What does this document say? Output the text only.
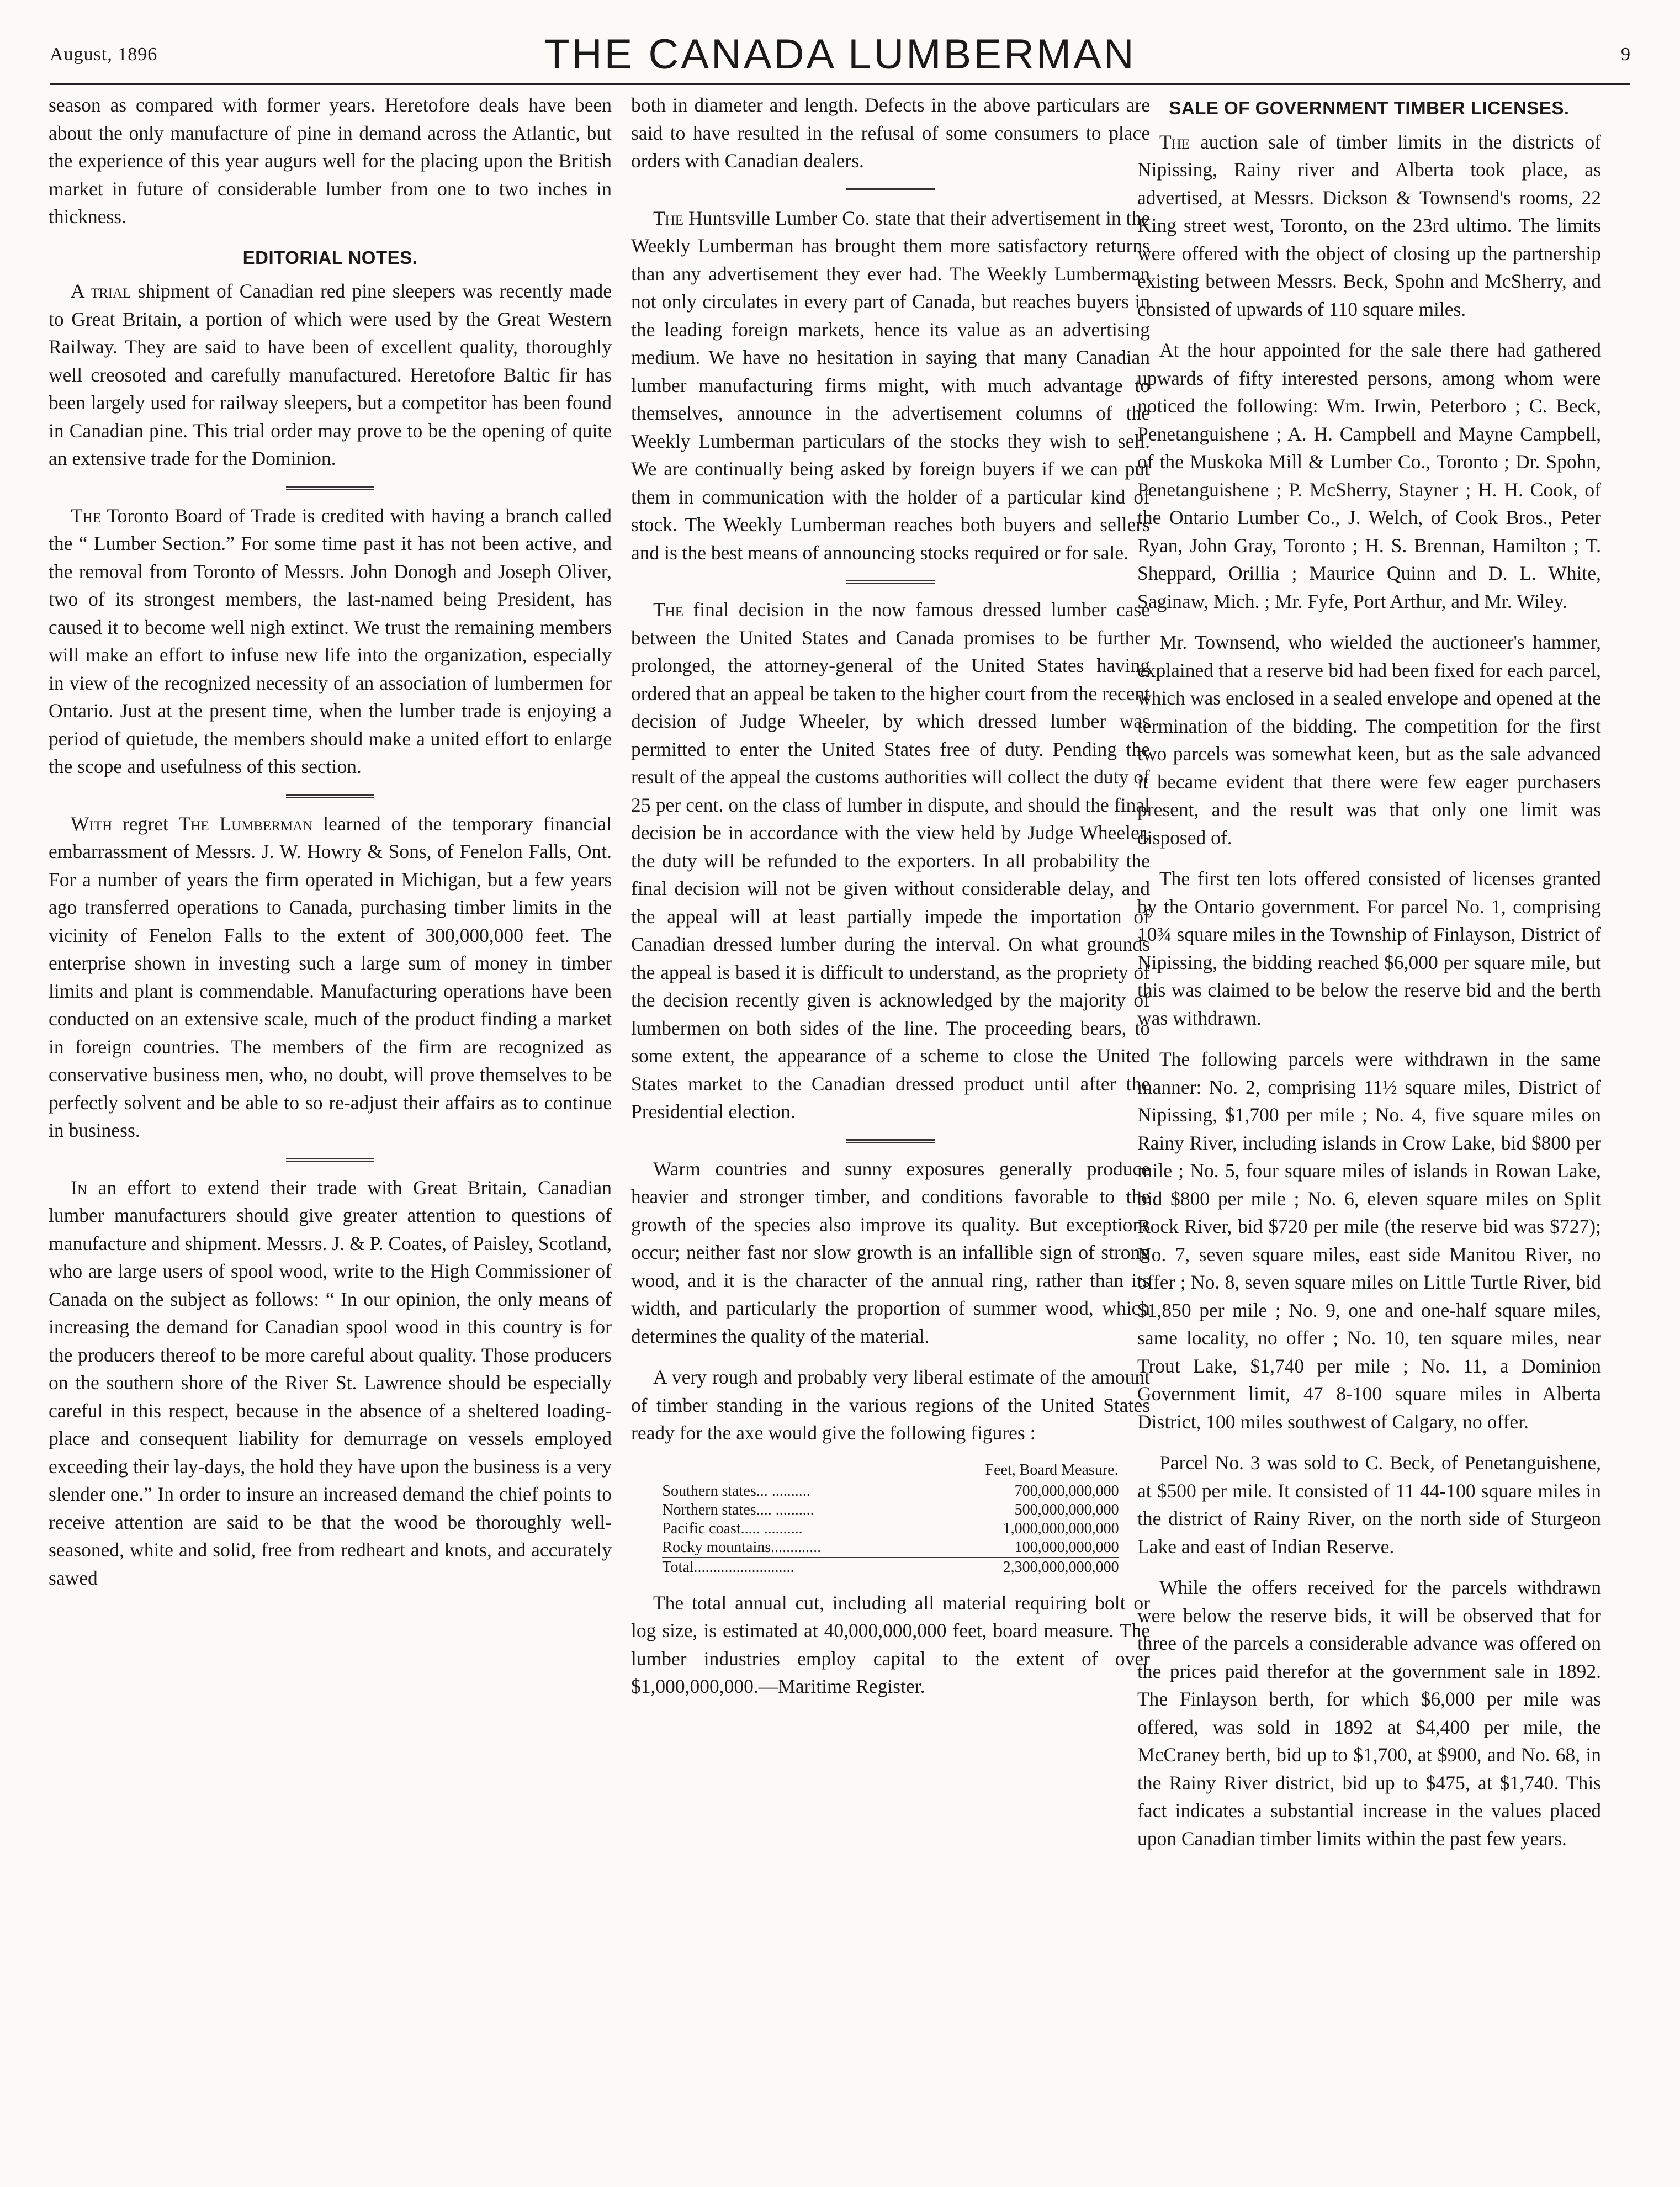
August, 1896	THE CANADA LUMBERMAN	9

season as compared with former years. Heretofore deals have been about the only manufacture of pine in demand across the Atlantic, but the experience of this year augurs well for the placing upon the British market in future of considerable lumber from one to two inches in thickness.

EDITORIAL NOTES.

A trial shipment of Canadian red pine sleepers was recently made to Great Britain, a portion of which were used by the Great Western Railway. They are said to have been of excellent quality, thoroughly well creosoted and carefully manufactured. Heretofore Baltic fir has been largely used for railway sleepers, but a competitor has been found in Canadian pine. This trial order may prove to be the opening of quite an extensive trade for the Dominion.

The Toronto Board of Trade is credited with having a branch called the “ Lumber Section.” For some time past it has not been active, and the removal from Toronto of Messrs. John Donogh and Joseph Oliver, two of its strongest members, the last-named being President, has caused it to become well nigh extinct. We trust the remaining members will make an effort to infuse new life into the organization, especially in view of the recognized necessity of an association of lumbermen for Ontario. Just at the present time, when the lumber trade is enjoying a period of quietude, the members should make a united effort to enlarge the scope and usefulness of this section.

With regret The Lumberman learned of the temporary financial embarrassment of Messrs. J. W. Howry & Sons, of Fenelon Falls, Ont. For a number of years the firm operated in Michigan, but a few years ago transferred operations to Canada, purchasing timber limits in the vicinity of Fenelon Falls to the extent of 300,000,000 feet. The enterprise shown in investing such a large sum of money in timber limits and plant is commendable. Manufacturing operations have been conducted on an extensive scale, much of the product finding a market in foreign countries. The members of the firm are recognized as conservative business men, who, no doubt, will prove themselves to be perfectly solvent and be able to so re-adjust their affairs as to continue in business.

In an effort to extend their trade with Great Britain, Canadian lumber manufacturers should give greater attention to questions of manufacture and shipment. Messrs. J. & P. Coates, of Paisley, Scotland, who are large users of spool wood, write to the High Commissioner of Canada on the subject as follows: “ In our opinion, the only means of increasing the demand for Canadian spool wood in this country is for the producers thereof to be more careful about quality. Those producers on the southern shore of the River St. Lawrence should be especially careful in this respect, because in the absence of a sheltered loading-place and consequent liability for demurrage on vessels employed exceeding their lay-days, the hold they have upon the business is a very slender one.” In order to insure an increased demand the chief points to receive attention are said to be that the wood be thoroughly well-seasoned, white and solid, free from redheart and knots, and accurately sawed

both in diameter and length. Defects in the above particulars are said to have resulted in the refusal of some consumers to place orders with Canadian dealers.

The Huntsville Lumber Co. state that their advertisement in the Weekly Lumberman has brought them more satisfactory returns than any advertisement they ever had. The Weekly Lumberman not only circulates in every part of Canada, but reaches buyers in the leading foreign markets, hence its value as an advertising medium. We have no hesitation in saying that many Canadian lumber manufacturing firms might, with much advantage to themselves, announce in the advertisement columns of the Weekly Lumberman particulars of the stocks they wish to sell. We are continually being asked by foreign buyers if we can put them in communication with the holder of a particular kind of stock. The Weekly Lumberman reaches both buyers and sellers and is the best means of announcing stocks required or for sale.

The final decision in the now famous dressed lumber case between the United States and Canada promises to be further prolonged, the attorney-general of the United States having ordered that an appeal be taken to the higher court from the recent decision of Judge Wheeler, by which dressed lumber was permitted to enter the United States free of duty. Pending the result of the appeal the customs authorities will collect the duty of 25 per cent. on the class of lumber in dispute, and should the final decision be in accordance with the view held by Judge Wheeler, the duty will be refunded to the exporters. In all probability the final decision will not be given without considerable delay, and the appeal will at least partially impede the importation of Canadian dressed lumber during the interval. On what grounds the appeal is based it is difficult to understand, as the propriety of the decision recently given is acknowledged by the majority of lumbermen on both sides of the line. The proceeding bears, to some extent, the appearance of a scheme to close the United States market to the Canadian dressed product until after the Presidential election.

Warm countries and sunny exposures generally produce heavier and stronger timber, and conditions favorable to the growth of the species also improve its quality. But exceptions occur; neither fast nor slow growth is an infallible sign of strong wood, and it is the character of the annual ring, rather than its width, and particularly the proportion of summer wood, which determines the quality of the material.

A very rough and probably very liberal estimate of the amount of timber standing in the various regions of the United States ready for the axe would give the following figures :

	Feet, Board Measure.
Southern states... ..........	700,000,000,000
Northern states.... ..........	500,000,000,000
Pacific coast..... ..........	1,000,000,000,000
Rocky mountains.............	100,000,000,000
Total..........................	2,300,000,000,000

The total annual cut, including all material requiring bolt or log size, is estimated at 40,000,000,000 feet, board measure. The lumber industries employ capital to the extent of over $1,000,000,000.—Maritime Register.

SALE OF GOVERNMENT TIMBER LICENSES.

The auction sale of timber limits in the districts of Nipissing, Rainy river and Alberta took place, as advertised, at Messrs. Dickson & Townsend's rooms, 22 King street west, Toronto, on the 23rd ultimo. The limits were offered with the object of closing up the partnership existing between Messrs. Beck, Spohn and McSherry, and consisted of upwards of 110 square miles.

At the hour appointed for the sale there had gathered upwards of fifty interested persons, among whom were noticed the following: Wm. Irwin, Peterboro ; C. Beck, Penetanguishene ; A. H. Campbell and Mayne Campbell, of the Muskoka Mill & Lumber Co., Toronto ; Dr. Spohn, Penetanguishene ; P. McSherry, Stayner ; H. H. Cook, of the Ontario Lumber Co., J. Welch, of Cook Bros., Peter Ryan, John Gray, Toronto ; H. S. Brennan, Hamilton ; T. Sheppard, Orillia ; Maurice Quinn and D. L. White, Saginaw, Mich. ; Mr. Fyfe, Port Arthur, and Mr. Wiley.

Mr. Townsend, who wielded the auctioneer's hammer, explained that a reserve bid had been fixed for each parcel, which was enclosed in a sealed envelope and opened at the termination of the bidding. The competition for the first two parcels was somewhat keen, but as the sale advanced it became evident that there were few eager purchasers present, and the result was that only one limit was disposed of.

The first ten lots offered consisted of licenses granted by the Ontario government. For parcel No. 1, comprising 10¾ square miles in the Township of Finlayson, District of Nipissing, the bidding reached $6,000 per square mile, but this was claimed to be below the reserve bid and the berth was withdrawn.

The following parcels were withdrawn in the same manner: No. 2, comprising 11½ square miles, District of Nipissing, $1,700 per mile ; No. 4, five square miles on Rainy River, including islands in Crow Lake, bid $800 per mile ; No. 5, four square miles of islands in Rowan Lake, bid $800 per mile ; No. 6, eleven square miles on Split Rock River, bid $720 per mile (the reserve bid was $727); No. 7, seven square miles, east side Manitou River, no offer ; No. 8, seven square miles on Little Turtle River, bid $1,850 per mile ; No. 9, one and one-half square miles, same locality, no offer ; No. 10, ten square miles, near Trout Lake, $1,740 per mile ; No. 11, a Dominion Government limit, 47 8-100 square miles in Alberta District, 100 miles southwest of Calgary, no offer.

Parcel No. 3 was sold to C. Beck, of Penetanguishene, at $500 per mile. It consisted of 11 44-100 square miles in the district of Rainy River, on the north side of Sturgeon Lake and east of Indian Reserve.

While the offers received for the parcels withdrawn were below the reserve bids, it will be observed that for three of the parcels a considerable advance was offered on the prices paid therefor at the government sale in 1892. The Finlayson berth, for which $6,000 per mile was offered, was sold in 1892 at $4,400 per mile, the McCraney berth, bid up to $1,700, at $900, and No. 68, in the Rainy River district, bid up to $475, at $1,740. This fact indicates a substantial increase in the values placed upon Canadian timber limits within the past few years.
